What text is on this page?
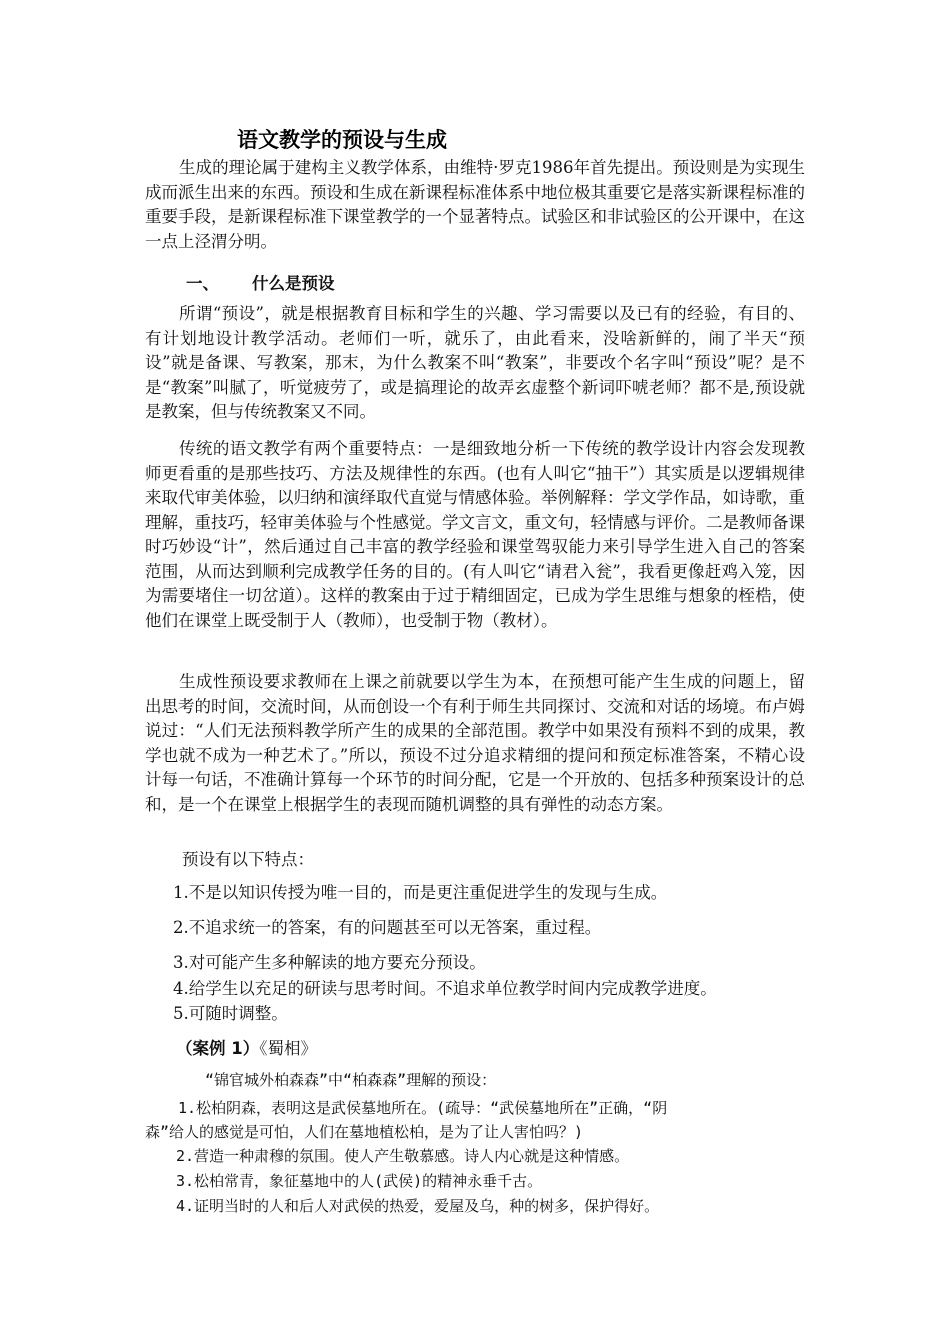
语文教学的预设与生成

生成的理论属于建构主义教学体系，由维特·罗克1986年首先提出。预设则是为实现生成而派生出来的东西。预设和生成在新课程标准体系中地位极其重要它是落实新课程标准的重要手段，是新课程标准下课堂教学的一个显著特点。试验区和非试验区的公开课中，在这一点上泾渭分明。

一、 什么是预设

所谓“预设”，就是根据教育目标和学生的兴趣、学习需要以及已有的经验，有目的、有计划地设计教学活动。老师们一听，就乐了，由此看来，没啥新鲜的，闹了半天“预设”就是备课、写教案，那末，为什么教案不叫“教案”，非要改个名字叫“预设”呢？是不是“教案”叫腻了，听觉疲劳了，或是搞理论的故弄玄虚整个新词吓唬老师？都不是,预设就是教案，但与传统教案又不同。

传统的语文教学有两个重要特点：一是细致地分析一下传统的教学设计内容会发现教师更看重的是那些技巧、方法及规律性的东西。(也有人叫它“抽干”）其实质是以逻辑规律来取代审美体验，以归纳和演绎取代直觉与情感体验。举例解释：学文学作品，如诗歌，重理解，重技巧，轻审美体验与个性感觉。学文言文，重文句，轻情感与评价。二是教师备课时巧妙设“计”，然后通过自己丰富的教学经验和课堂驾驭能力来引导学生进入自己的答案范围，从而达到顺利完成教学任务的目的。(有人叫它“请君入瓮”，我看更像赶鸡入笼，因为需要堵住一切岔道）。这样的教案由于过于精细固定，已成为学生思维与想象的桎梏，使他们在课堂上既受制于人（教师），也受制于物（教材）。

生成性预设要求教师在上课之前就要以学生为本，在预想可能产生生成的问题上，留出思考的时间，交流时间，从而创设一个有利于师生共同探讨、交流和对话的场境。布卢姆说过：“人们无法预料教学所产生的成果的全部范围。教学中如果没有预料不到的成果，教学也就不成为一种艺术了。”所以，预设不过分追求精细的提问和预定标准答案，不精心设计每一句话，不准确计算每一个环节的时间分配，它是一个开放的、包括多种预案设计的总和，是一个在课堂上根据学生的表现而随机调整的具有弹性的动态方案。

预设有以下特点：
1.不是以知识传授为唯一目的，而是更注重促进学生的发现与生成。
2.不追求统一的答案，有的问题甚至可以无答案，重过程。
3.对可能产生多种解读的地方要充分预设。
4.给学生以充足的研读与思考时间。不追求单位教学时间内完成教学进度。
5.可随时调整。
（案例 1）《蜀相》
“锦官城外柏森森”中“柏森森”理解的预设：
1.松柏阴森，表明这是武侯墓地所在。(疏导：“武侯墓地所在”正确，“阴
森”给人的感觉是可怕，人们在墓地植松柏，是为了让人害怕吗？)
2.营造一种肃穆的氛围。使人产生敬慕感。诗人内心就是这种情感。
3.松柏常青，象征墓地中的人(武侯)的精神永垂千古。
4.证明当时的人和后人对武侯的热爱，爱屋及乌，种的树多，保护得好。
